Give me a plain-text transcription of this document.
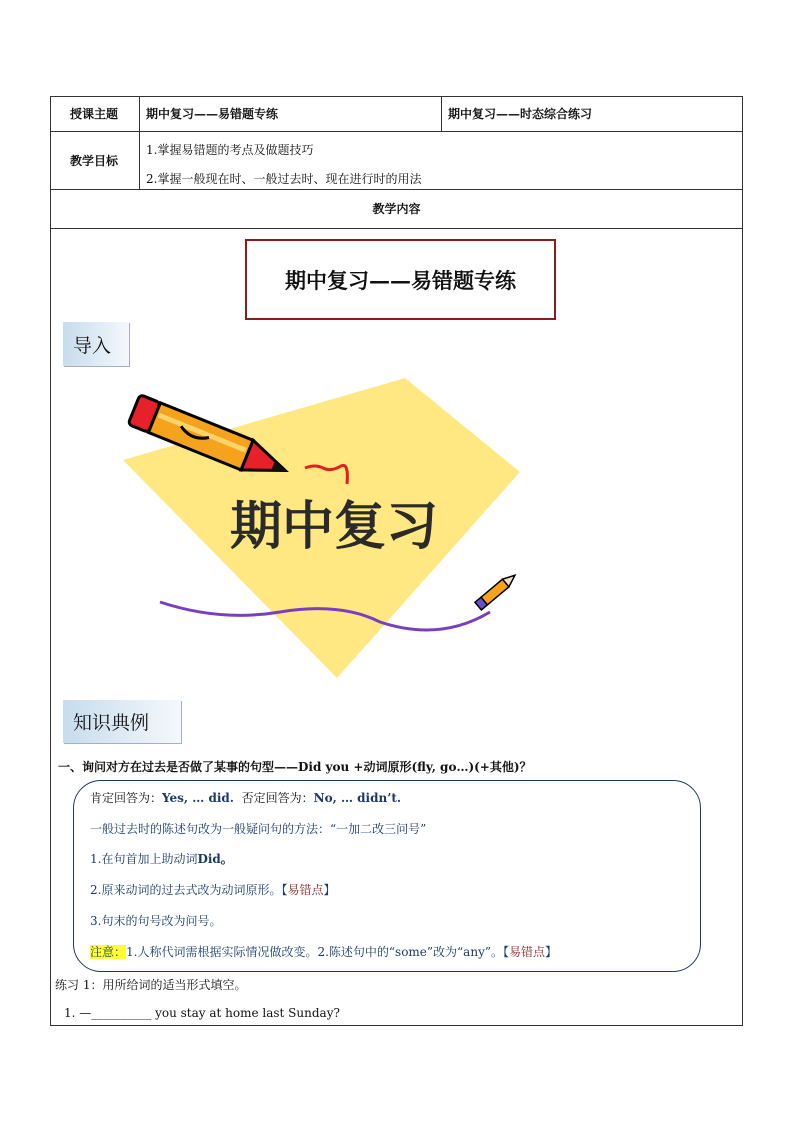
授课主题	期中复习——易错题专练	期中复习——时态综合练习
教学目标
1.掌握易错题的考点及做题技巧
2.掌握一般现在时、一般过去时、现在进行时的用法
教学内容
期中复习——易错题专练
导入
期中复习
知识典例
一、询问对方在过去是否做了某事的句型——Did you +动词原形(fly, go…)(+其他)？
肯定回答为：Yes, … did. 否定回答为：No, … didn’t.
一般过去时的陈述句改为一般疑问句的方法：“一加二改三问号”
1.在句首加上助动词Did。
2.原来动词的过去式改为动词原形。【易错点】
3.句末的句号改为问号。
注意：1.人称代词需根据实际情况做改变。2.陈述句中的“some”改为“any”。【易错点】
练习 1：用所给词的适当形式填空。
1. —__________ you stay at home last Sunday?
